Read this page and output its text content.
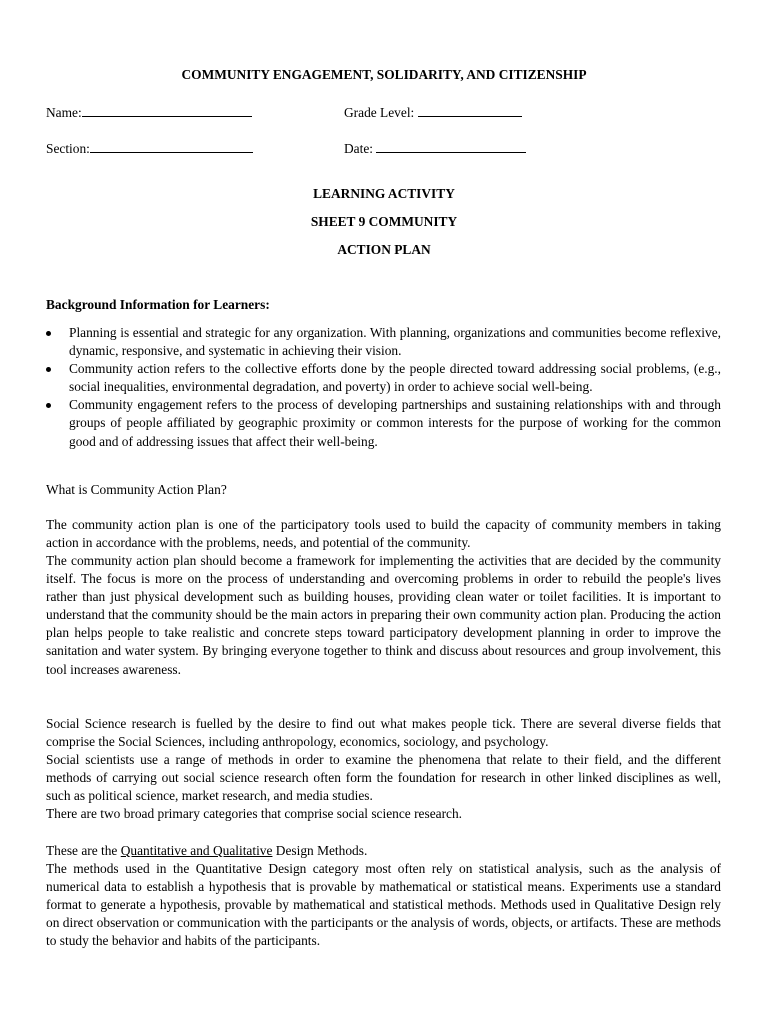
COMMUNITY ENGAGEMENT, SOLIDARITY, AND CITIZENSHIP
Name:	Grade Level:
Section:	Date:
LEARNING ACTIVITY
SHEET 9 COMMUNITY
ACTION PLAN
Background Information for Learners:
Planning is essential and strategic for any organization. With planning, organizations and communities become reflexive, dynamic, responsive, and systematic in achieving their vision.
Community action refers to the collective efforts done by the people directed toward addressing social problems, (e.g., social inequalities, environmental degradation, and poverty) in order to achieve social well-being.
Community engagement refers to the process of developing partnerships and sustaining relationships with and through groups of people affiliated by geographic proximity or common interests for the purpose of working for the common good and of addressing issues that affect their well-being.

What is Community Action Plan?

The community action plan is one of the participatory tools used to build the capacity of community members in taking action in accordance with the problems, needs, and potential of the community.

The community action plan should become a framework for implementing the activities that are decided by the community itself. The focus is more on the process of understanding and overcoming problems in order to rebuild the people's lives rather than just physical development such as building houses, providing clean water or toilet facilities. It is important to understand that the community should be the main actors in preparing their own community action plan. Producing the action plan helps people to take realistic and concrete steps toward participatory development planning in order to improve the sanitation and water system. By bringing everyone together to think and discuss about resources and group involvement, this tool increases awareness.

Social Science research is fuelled by the desire to find out what makes people tick. There are several diverse fields that comprise the Social Sciences, including anthropology, economics, sociology, and psychology.

Social scientists use a range of methods in order to examine the phenomena that relate to their field, and the different methods of carrying out social science research often form the foundation for research in other linked disciplines as well, such as political science, market research, and media studies.

There are two broad primary categories that comprise social science research.

These are the Quantitative and Qualitative Design Methods.

The methods used in the Quantitative Design category most often rely on statistical analysis, such as the analysis of numerical data to establish a hypothesis that is provable by mathematical or statistical means. Experiments use a standard format to generate a hypothesis, provable by mathematical and statistical methods. Methods used in Qualitative Design rely on direct observation or communication with the participants or the analysis of words, objects, or artifacts. These are methods to study the behavior and habits of the participants.
